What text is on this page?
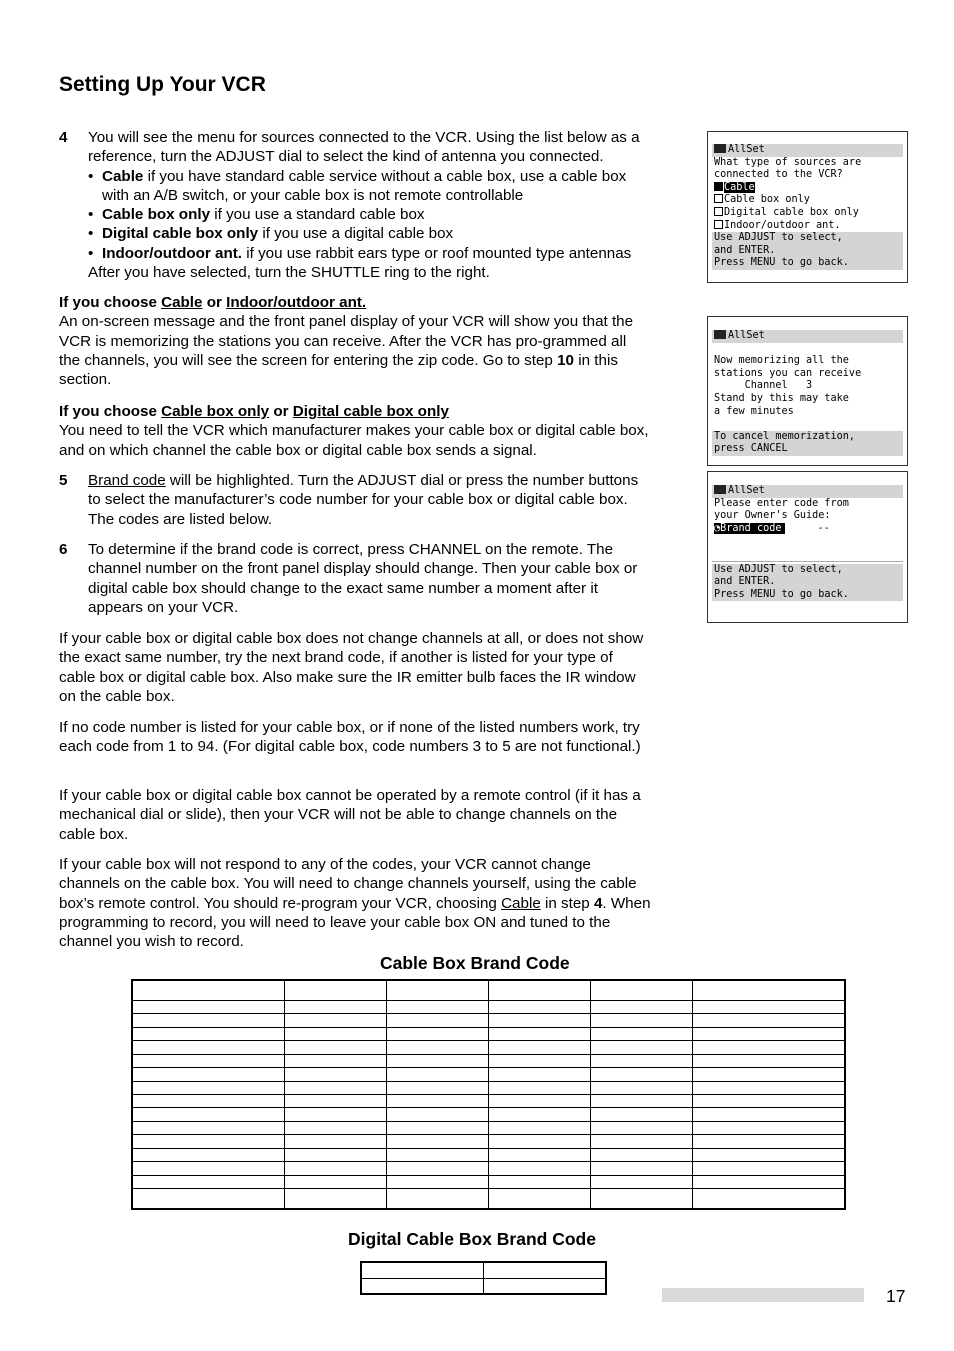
Setting Up Your VCR
4 You will see the menu for sources connected to the VCR. Using the list below as a reference, turn the ADJUST dial to select the kind of antenna you connected.
• Cable if you have standard cable service without a cable box, use a cable box with an A/B switch, or your cable box is not remote controllable
• Cable box only if you use a standard cable box
• Digital cable box only if you use a digital cable box
• Indoor/outdoor ant. if you use rabbit ears type or roof mounted type antennas
After you have selected, turn the SHUTTLE ring to the right.
If you choose Cable or Indoor/outdoor ant.
An on-screen message and the front panel display of your VCR will show you that the VCR is memorizing the stations you can receive. After the VCR has pro-grammed all the channels, you will see the screen for entering the zip code. Go to step 10 in this section.
If you choose Cable box only or Digital cable box only
You need to tell the VCR which manufacturer makes your cable box or digital cable box, and on which channel the cable box or digital cable box sends a signal.
5 Brand code will be highlighted. Turn the ADJUST dial or press the number buttons to select the manufacturer’s code number for your cable box or digital cable box. The codes are listed below.
6 To determine if the brand code is correct, press CHANNEL on the remote. The channel number on the front panel display should change. Then your cable box or digital cable box should change to the exact same number a moment after it appears on your VCR.
If your cable box or digital cable box does not change channels at all, or does not show the exact same number, try the next brand code, if another is listed for your type of cable box or digital cable box. Also make sure the IR emitter bulb faces the IR window on the cable box.
If no code number is listed for your cable box, or if none of the listed numbers work, try each code from 1 to 94. (For digital cable box, code numbers 3 to 5 are not functional.)
If your cable box or digital cable box cannot be operated by a remote control (if it has a mechanical dial or slide), then your VCR will not be able to change channels on the cable box.
If your cable box will not respond to any of the codes, your VCR cannot change channels on the cable box. You will need to change channels yourself, using the cable box’s remote control. You should re-program your VCR, choosing Cable in step 4. When programming to record, you will need to leave your cable box ON and tuned to the channel you wish to record.
AllSet
What type of sources are
connected to the VCR?
Cable
Cable box only
Digital cable box only
Indoor/outdoor ant.
Use ADJUST to select,
and ENTER.
Press MENU to go back.
AllSet
Now memorizing all the
stations you can receive
Channel   3
Stand by this may take
a few minutes
To cancel memorization,
press CANCEL
AllSet
Please enter code from
your Owner's Guide:
◔Brand code	--
Use ADJUST to select,
and ENTER.
Press MENU to go back.
Cable Box Brand Code

Digital Cable Box Brand Code

17
